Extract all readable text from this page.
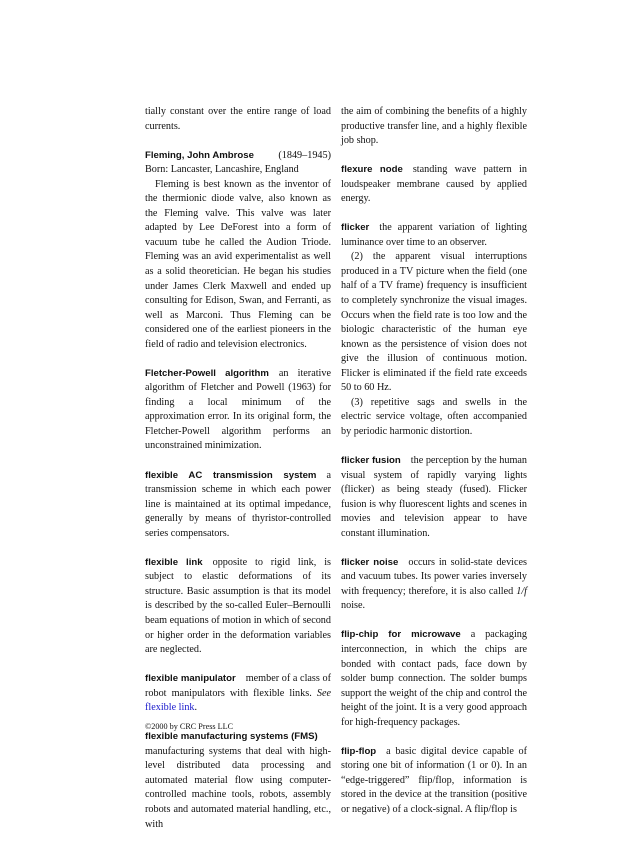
tially constant over the entire range of load currents.

Fleming, John Ambrose (1849–1945)

Born: Lancaster, Lancashire, England

Fleming is best known as the inventor of the thermionic diode valve, also known as the Fleming valve. This valve was later adapted by Lee DeForest into a form of vacuum tube he called the Audion Triode. Fleming was an avid experimentalist as well as a solid theoretician. He began his studies under James Clerk Maxwell and ended up consulting for Edison, Swan, and Ferranti, as well as Marconi. Thus Fleming can be considered one of the earliest pioneers in the field of radio and television electronics.

Fletcher-Powell algorithm an iterative algorithm of Fletcher and Powell (1963) for finding a local minimum of the approximation error. In its original form, the Fletcher-Powell algorithm performs an unconstrained minimization.

flexible AC transmission system a transmission scheme in which each power line is maintained at its optimal impedance, generally by means of thyristor-controlled series compensators.

flexible link opposite to rigid link, is subject to elastic deformations of its structure. Basic assumption is that its model is described by the so-called Euler–Bernoulli beam equations of motion in which of second or higher order in the deformation variables are neglected.

flexible manipulator member of a class of robot manipulators with flexible links. See flexible link.

flexible manufacturing systems (FMS)

manufacturing systems that deal with high-level distributed data processing and automated material flow using computer-controlled machine tools, robots, assembly robots and automated material handling, etc., with

the aim of combining the benefits of a highly productive transfer line, and a highly flexible job shop.

flexure node standing wave pattern in loudspeaker membrane caused by applied energy.

flicker the apparent variation of lighting luminance over time to an observer.

(2) the apparent visual interruptions produced in a TV picture when the field (one half of a TV frame) frequency is insufficient to completely synchronize the visual images. Occurs when the field rate is too low and the biologic characteristic of the human eye known as the persistence of vision does not give the illusion of continuous motion. Flicker is eliminated if the field rate exceeds 50 to 60 Hz.

(3) repetitive sags and swells in the electric service voltage, often accompanied by periodic harmonic distortion.

flicker fusion the perception by the human visual system of rapidly varying lights (flicker) as being steady (fused). Flicker fusion is why fluorescent lights and scenes in movies and television appear to have constant illumination.

flicker noise occurs in solid-state devices and vacuum tubes. Its power varies inversely with frequency; therefore, it is also called 1/f noise.

flip-chip for microwave a packaging interconnection, in which the chips are bonded with contact pads, face down by solder bump connection. The solder bumps support the weight of the chip and control the height of the joint. It is a very good approach for high-frequency packages.

flip-flop a basic digital device capable of storing one bit of information (1 or 0). In an “edge-triggered” flip/flop, information is stored in the device at the transition (positive or negative) of a clock-signal. A flip/flop is

©2000 by CRC Press LLC
